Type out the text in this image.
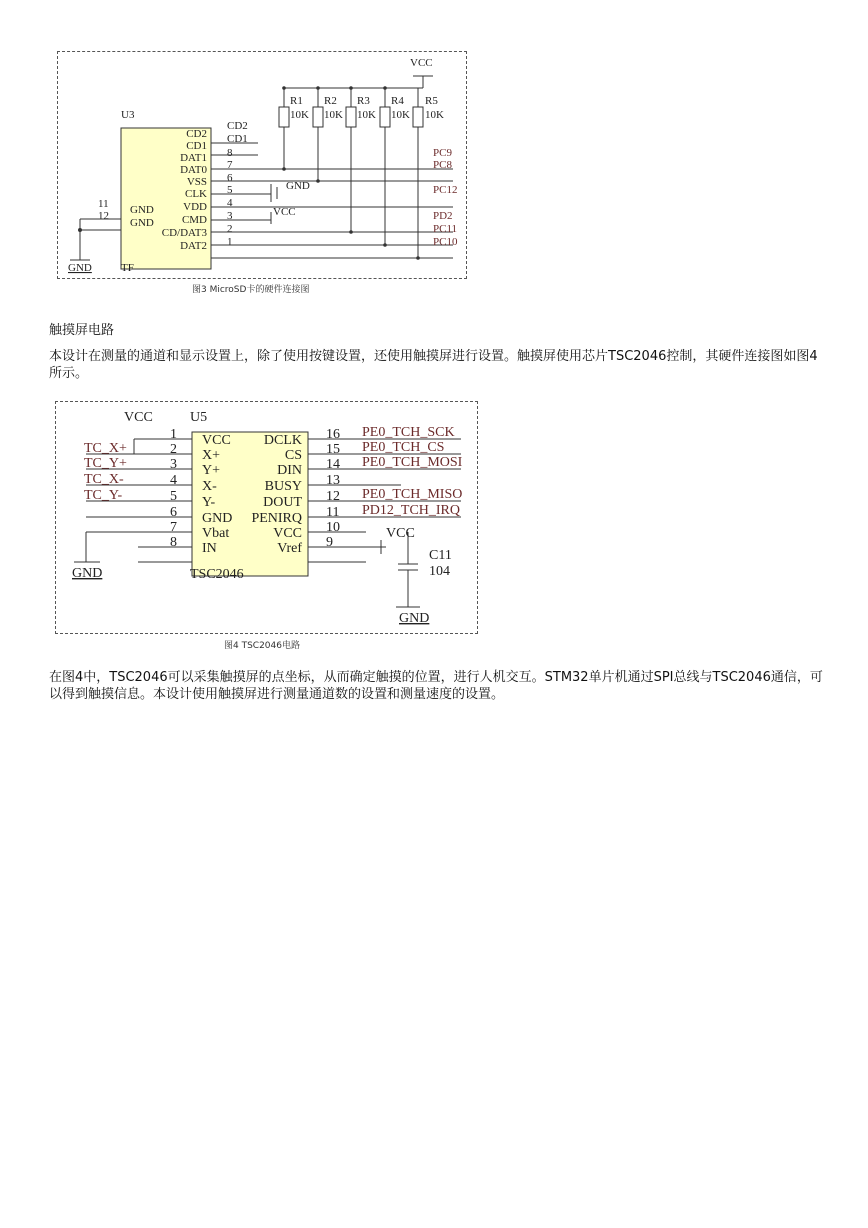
U3
TF
CD2
CD1
DAT1
DAT0
VSS
CLK
VDD
CMD
CD/DAT3
DAT2
GND
GND
11
12
GND
CD2
CD1
8
7
6
5
4
3
2
1
GND
VCC
VCC
R1
10K
R2
10K
R3
10K
R4
10K
R5
10K
PC9
PC8
PC12
PD2
PC11
PC10
图3 MicroSD卡的硬件连接图
触摸屏电路
本设计在测量的通道和显示设置上，除了使用按键设置，还使用触摸屏进行设置。触摸屏使用芯片TSC2046控制，其硬件连接图如图4所示。
VCC	U5
TSC2046
VCC
X+
Y+
X-
Y-
GND
Vbat
IN
1
2
3
4
5
6
7
8
TC_X+
TC_Y+
TC_X-
TC_Y-
GND
DCLK
CS
DIN
BUSY
DOUT
PENIRQ
VCC
Vref
16
15
14
13
12
11
10
9
PE0_TCH_SCK
PE0_TCH_CS
PE0_TCH_MOSI
PE0_TCH_MISO
PD12_TCH_IRQ
VCC
C11
104
GND
图4 TSC2046电路
在图4中，TSC2046可以采集触摸屏的点坐标，从而确定触摸的位置，进行人机交互。STM32单片机通过SPI总线与TSC2046通信，可以得到触摸信息。本设计使用触摸屏进行测量通道数的设置和测量速度的设置。
